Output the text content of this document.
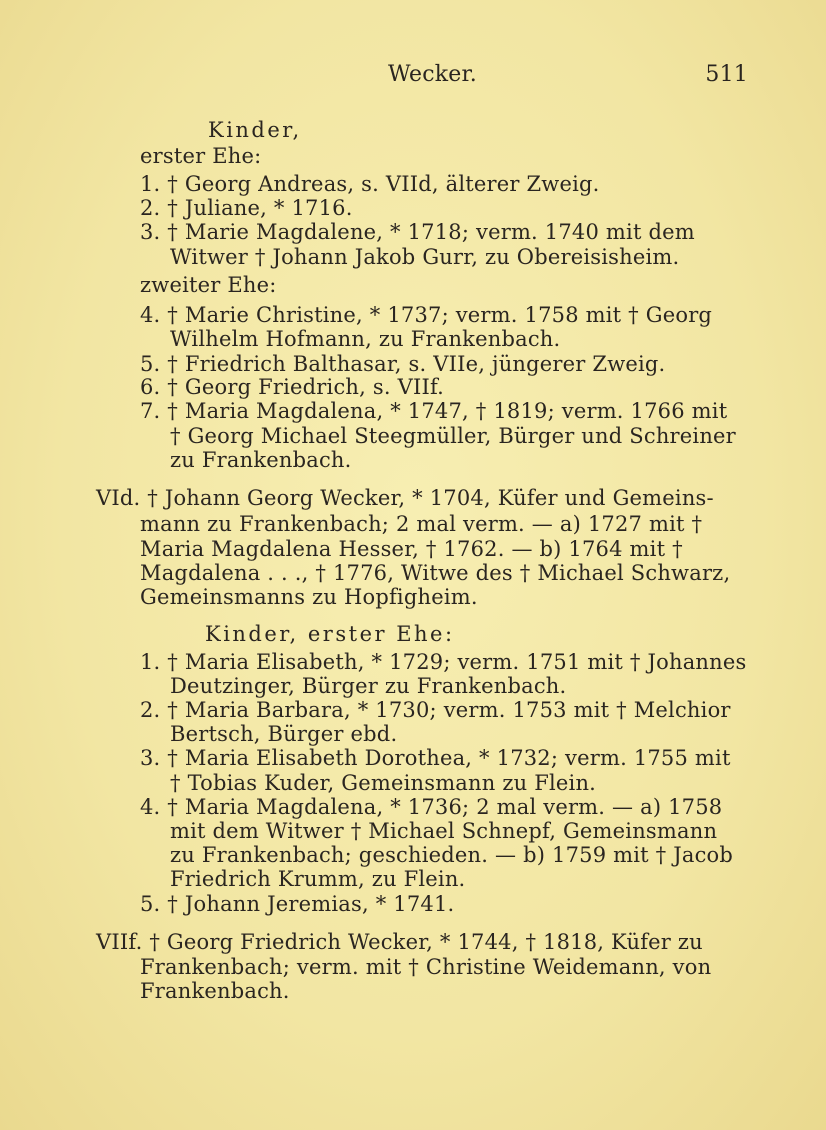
Wecker.	511
Kinder,
erster Ehe:
1. † Georg Andreas, s. VIId, älterer Zweig.
2. † Juliane, * 1716.
3. † Marie Magdalene, * 1718; verm. 1740 mit dem
Witwer † Johann Jakob Gurr, zu Obereisisheim.
zweiter Ehe:
4. † Marie Christine, * 1737; verm. 1758 mit † Georg
Wilhelm Hofmann, zu Frankenbach.
5. † Friedrich Balthasar, s. VIIe, jüngerer Zweig.
6. † Georg Friedrich, s. VIIf.
7. † Maria Magdalena, * 1747, † 1819; verm. 1766 mit
† Georg Michael Steegmüller, Bürger und Schreiner
zu Frankenbach.
VId. † Johann Georg Wecker, * 1704, Küfer und Gemeins-
mann zu Frankenbach; 2 mal verm. — a) 1727 mit †
Maria Magdalena Hesser, † 1762. — b) 1764 mit †
Magdalena . . ., † 1776, Witwe des † Michael Schwarz,
Gemeinsmanns zu Hopfigheim.
Kinder, erster Ehe:
1. † Maria Elisabeth, * 1729; verm. 1751 mit † Johannes
Deutzinger, Bürger zu Frankenbach.
2. † Maria Barbara, * 1730; verm. 1753 mit † Melchior
Bertsch, Bürger ebd.
3. † Maria Elisabeth Dorothea, * 1732; verm. 1755 mit
† Tobias Kuder, Gemeinsmann zu Flein.
4. † Maria Magdalena, * 1736; 2 mal verm. — a) 1758
mit dem Witwer † Michael Schnepf, Gemeinsmann
zu Frankenbach; geschieden. — b) 1759 mit † Jacob
Friedrich Krumm, zu Flein.
5. † Johann Jeremias, * 1741.
VIIf. † Georg Friedrich Wecker, * 1744, † 1818, Küfer zu
Frankenbach; verm. mit † Christine Weidemann, von
Frankenbach.
